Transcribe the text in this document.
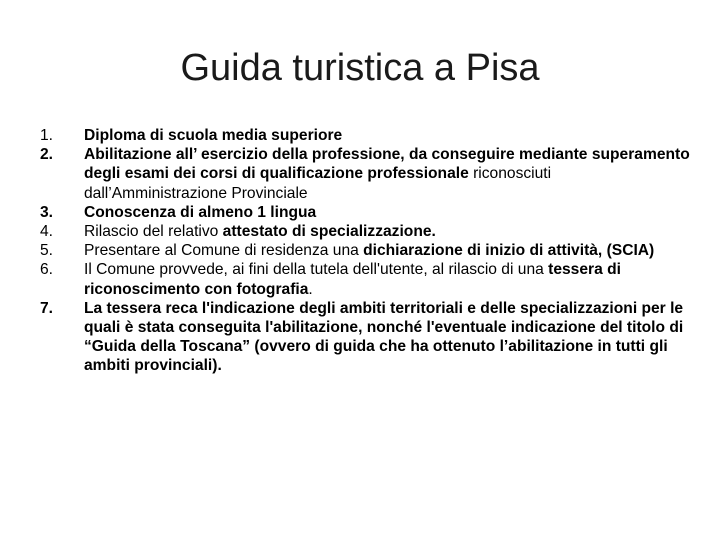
Guida turistica a Pisa
1.	Diploma di scuola media superiore
2.	Abilitazione all’ esercizio della professione, da conseguire mediante superamento degli esami dei corsi di qualificazione professionale riconosciuti dall’Amministrazione Provinciale
3.	Conoscenza di almeno 1 lingua
4.	Rilascio del relativo attestato di specializzazione.
5.	Presentare al Comune di residenza una dichiarazione di inizio di attività, (SCIA)
6.	Il Comune provvede, ai fini della tutela dell'utente, al rilascio di una tessera di riconoscimento con fotografia.
7.	La tessera reca l'indicazione degli ambiti territoriali e delle specializzazioni per le quali è stata conseguita l'abilitazione, nonché l'eventuale indicazione del titolo di “Guida della Toscana” (ovvero di guida che ha ottenuto l’abilitazione in tutti gli ambiti provinciali).
